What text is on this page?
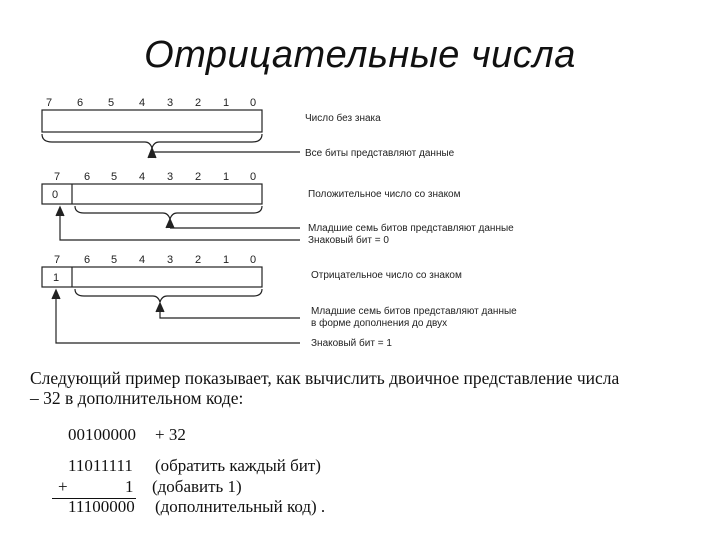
Отрицательные числа
7 6 5 4 3 2 1 0
7 6 5 4 3 2 1 0
7 6 5 4 3 2 1 0
0
1
Число без знака
Все биты представляют данные
Положительное число со знаком
Младшие семь битов представляют данные
Знаковый бит = 0
Отрицательное число со знаком
Младшие семь битов представляют данные
в форме дополнения до двух
Знаковый бит = 1
Следующий пример показывает, как вычислить двоичное представление числа
– 32 в дополнительном коде:
00100000 + 32
11011111 (обратить каждый бит)
+	1 (добавить 1)
11100000 (дополнительный код) .
